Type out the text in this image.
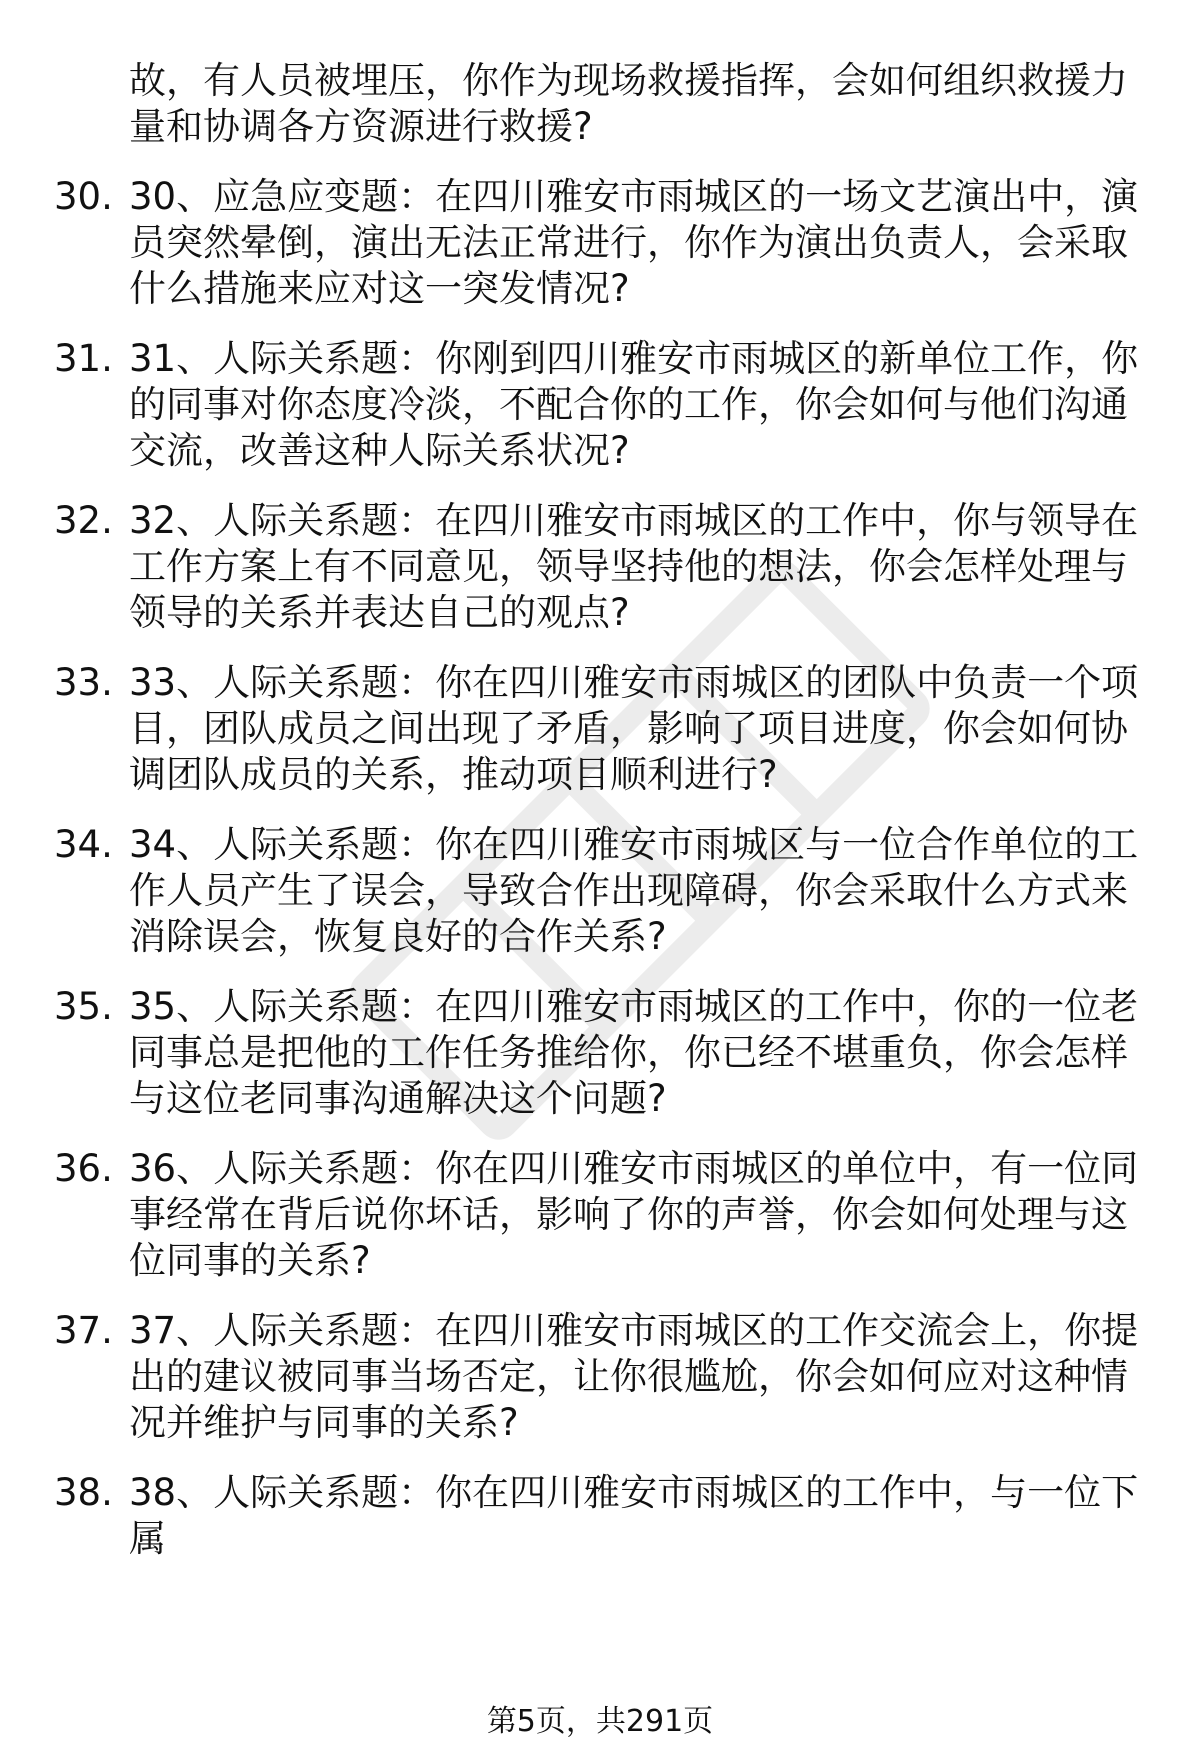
故，有人员被埋压，你作为现场救援指挥，会如何组织救援力量和协调各方资源进行救援?
30. 30、应急应变题：在四川雅安市雨城区的一场文艺演出中，演员突然晕倒，演出无法正常进行，你作为演出负责人，会采取什么措施来应对这一突发情况?
31. 31、人际关系题：你刚到四川雅安市雨城区的新单位工作，你的同事对你态度冷淡，不配合你的工作，你会如何与他们沟通交流，改善这种人际关系状况?
32. 32、人际关系题：在四川雅安市雨城区的工作中，你与领导在工作方案上有不同意见，领导坚持他的想法，你会怎样处理与领导的关系并表达自己的观点?
33. 33、人际关系题：你在四川雅安市雨城区的团队中负责一个项目，团队成员之间出现了矛盾，影响了项目进度，你会如何协调团队成员的关系，推动项目顺利进行?
34. 34、人际关系题：你在四川雅安市雨城区与一位合作单位的工作人员产生了误会，导致合作出现障碍，你会采取什么方式来消除误会，恢复良好的合作关系?
35. 35、人际关系题：在四川雅安市雨城区的工作中，你的一位老同事总是把他的工作任务推给你，你已经不堪重负，你会怎样与这位老同事沟通解决这个问题?
36. 36、人际关系题：你在四川雅安市雨城区的单位中，有一位同事经常在背后说你坏话，影响了你的声誉，你会如何处理与这位同事的关系?
37. 37、人际关系题：在四川雅安市雨城区的工作交流会上，你提出的建议被同事当场否定，让你很尴尬，你会如何应对这种情况并维护与同事的关系?
38. 38、人际关系题：你在四川雅安市雨城区的工作中，与一位下属
第5页，共291页
